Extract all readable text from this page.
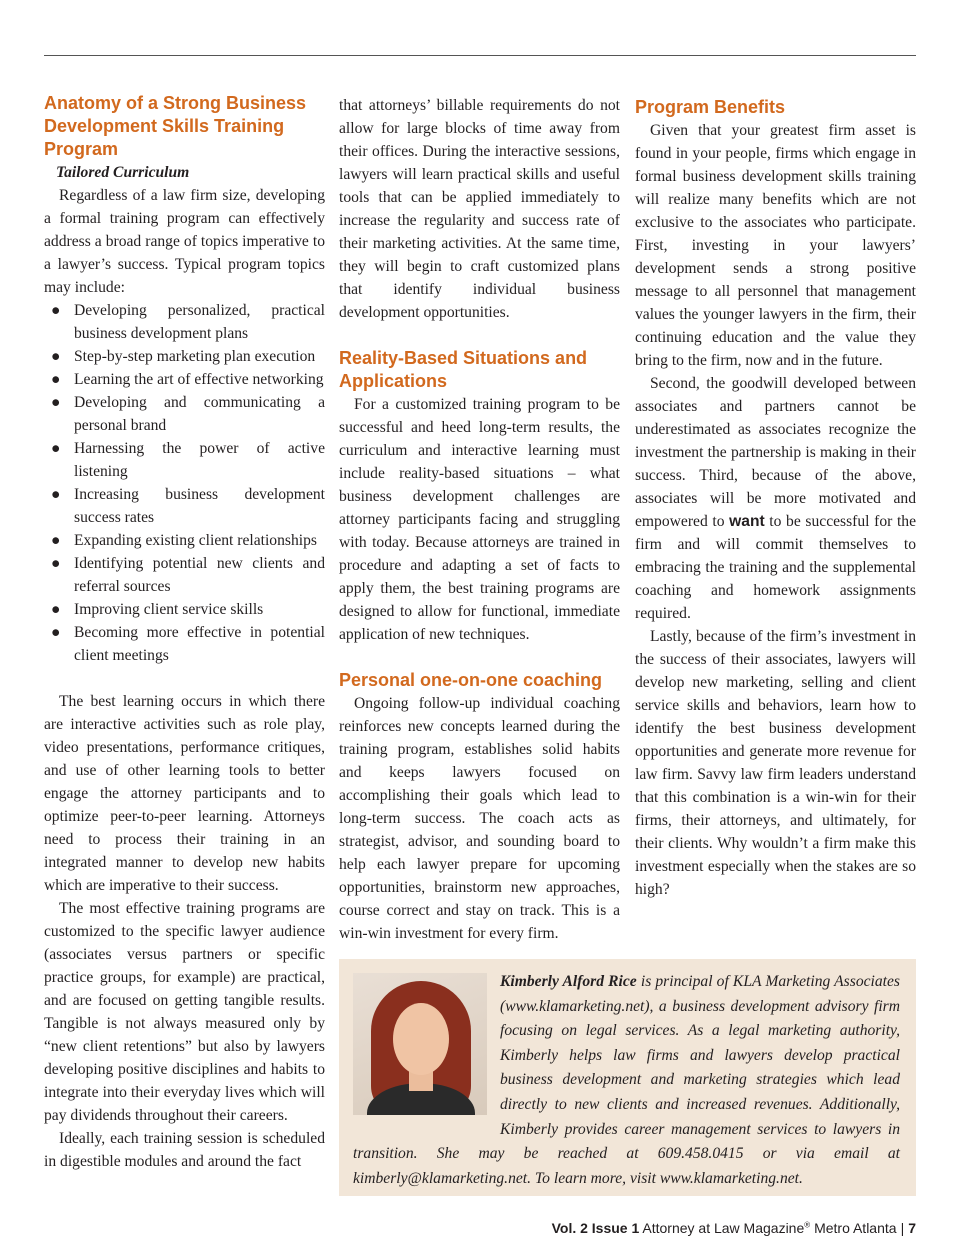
Anatomy of a Strong Business Development Skills Training Program
Tailored Curriculum

Regardless of a law firm size, developing a formal training program can effectively address a broad range of topics imperative to a lawyer’s success. Typical program topics may include:

● Developing personalized, practical business development plans
● Step-by-step marketing plan execution
● Learning the art of effective networking
● Developing and communicating a personal brand
● Harnessing the power of active listening
● Increasing business development success rates
● Expanding existing client relationships
● Identifying potential new clients and referral sources
● Improving client service skills
● Becoming more effective in potential client meetings

The best learning occurs in which there are interactive activities such as role play, video presentations, performance critiques, and use of other learning tools to better engage the attorney participants and to optimize peer-to-peer learning. Attorneys need to process their training in an integrated manner to develop new habits which are imperative to their success.

The most effective training programs are customized to the specific lawyer audience (associates versus partners or specific practice groups, for example) are practical, and are focused on getting tangible results. Tangible is not always measured only by “new client retentions” but also by lawyers developing positive disciplines and habits to integrate into their everyday lives which will pay dividends throughout their careers.

Ideally, each training session is scheduled in digestible modules and around the fact

that attorneys’ billable requirements do not allow for large blocks of time away from their offices. During the interactive sessions, lawyers will learn practical skills and useful tools that can be applied immediately to increase the regularity and success rate of their marketing activities. At the same time, they will begin to craft customized plans that identify individual business development opportunities.

Reality-Based Situations and Applications

For a customized training program to be successful and heed long-term results, the curriculum and interactive learning must include reality-based situations – what business development challenges are attorney participants facing and struggling with today. Because attorneys are trained in procedure and adapting a set of facts to apply them, the best training programs are designed to allow for functional, immediate application of new techniques.

Personal one-on-one coaching

Ongoing follow-up individual coaching reinforces new concepts learned during the training program, establishes solid habits and keeps lawyers focused on accomplishing their goals which lead to long-term success. The coach acts as strategist, advisor, and sounding board to help each lawyer prepare for upcoming opportunities, brainstorm new approaches, course correct and stay on track. This is a win-win investment for every firm.

Program Benefits

Given that your greatest firm asset is found in your people, firms which engage in formal business development skills training will realize many benefits which are not exclusive to the associates who participate. First, investing in your lawyers’ development sends a strong positive message to all personnel that management values the younger lawyers in the firm, their continuing education and the value they bring to the firm, now and in the future.

Second, the goodwill developed between associates and partners cannot be underestimated as associates recognize the investment the partnership is making in their success. Third, because of the above, associates will be more motivated and empowered to want to be successful for the firm and will commit themselves to embracing the training and the supplemental coaching and homework assignments required.

Lastly, because of the firm’s investment in the success of their associates, lawyers will develop new marketing, selling and client service skills and behaviors, learn how to identify the best business development opportunities and generate more revenue for law firm. Savvy law firm leaders understand that this combination is a win-win for their firms, their attorneys, and ultimately, for their clients. Why wouldn’t a firm make this investment especially when the stakes are so high?

Kimberly Alford Rice is principal of KLA Marketing Associates (www.klamarketing.net), a business development advisory firm focusing on legal services. As a legal marketing authority, Kimberly helps law firms and lawyers develop practical business development and marketing strategies which lead directly to new clients and increased revenues. Additionally, Kimberly provides career management services to lawyers in transition. She may be reached at 609.458.0415 or via email at kimberly@klamarketing.net. To learn more, visit www.klamarketing.net.
Vol. 2 Issue 1 Attorney at Law Magazine® Metro Atlanta | 7
